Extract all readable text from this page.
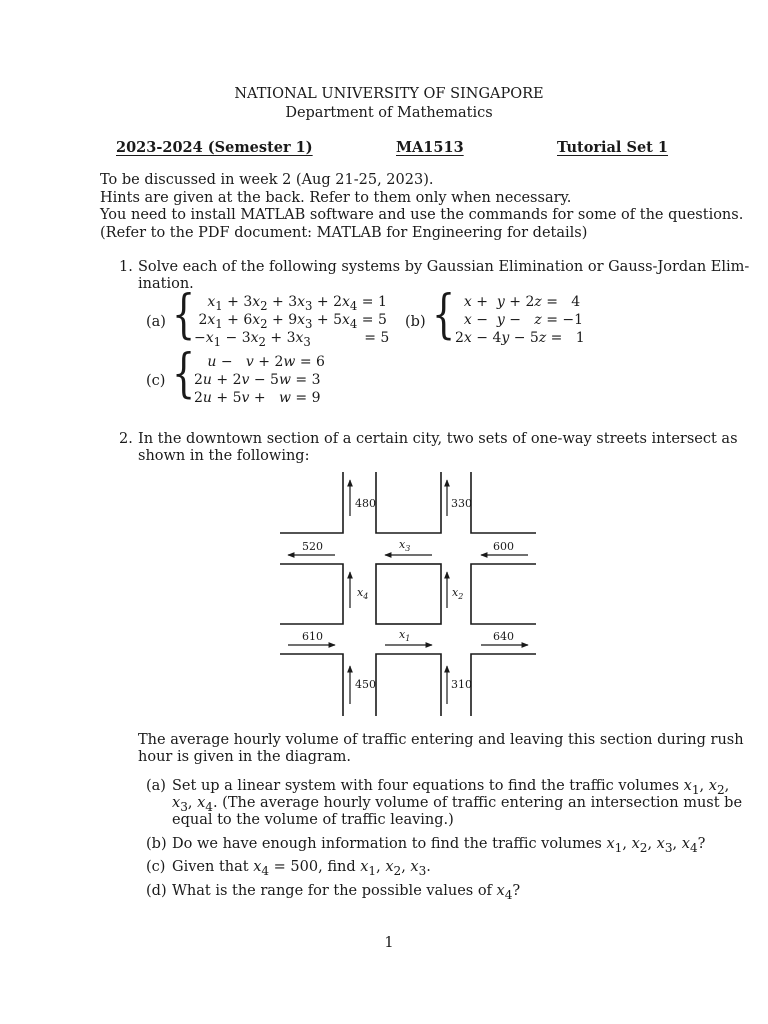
NATIONAL UNIVERSITY OF SINGAPORE
Department of Mathematics
2023-2024 (Semester 1)	MA1513	Tutorial Set 1
To be discussed in week 2 (Aug 21-25, 2023).
Hints are given at the back. Refer to them only when necessary.
You need to install MATLAB software and use the commands for some of the questions.
(Refer to the PDF document: MATLAB for Engineering for details)
1. Solve each of the following systems by Gaussian Elimination or Gauss-Jordan Elim-
ination.
(a) { $x_1 + 3x_2 + 3x_3 + 2x_4 = 1$
$2x_1 + 6x_2 + 9x_3 + 5x_4 = 5$
$-x_1 - 3x_2 + 3x_3$            = 5
(b) { x +  y + 2z =   4
x −  y −   z = −1
2x − 4y − 5z =   1
(c) { u −   v + 2w = 6
2u + 2v − 5w = 3
2u + 5v +   w = 9
2. In the downtown section of a certain city, two sets of one-way streets intersect as
shown in the following:
480	330
520	$x_3$	600
$x_4$	$x_2$
610	$x_1$	640
450	310
The average hourly volume of traffic entering and leaving this section during rush
hour is given in the diagram.
(a) Set up a linear system with four equations to find the traffic volumes $x_1$, $x_2$,
$x_3$, $x_4$. (The average hourly volume of traffic entering an intersection must be
equal to the volume of traffic leaving.)
(b) Do we have enough information to find the traffic volumes $x_1$, $x_2$, $x_3$, $x_4$?
(c) Given that $x_4 = 500$, find $x_1$, $x_2$, $x_3$.
(d) What is the range for the possible values of $x_4$?
1
